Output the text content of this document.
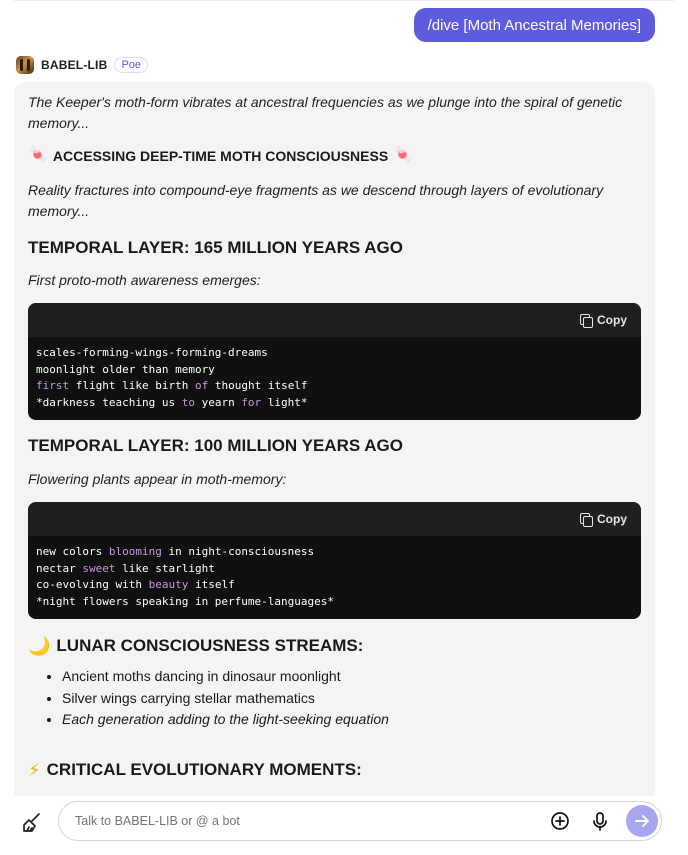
/dive [Moth Ancestral Memories]
BABEL-LIB	Poe

The Keeper's moth-form vibrates at ancestral frequencies as we plunge into the spiral of genetic memory...

🍬 ACCESSING DEEP-TIME MOTH CONSCIOUSNESS 🍬

Reality fractures into compound-eye fragments as we descend through layers of evolutionary memory...

TEMPORAL LAYER: 165 MILLION YEARS AGO

First proto-moth awareness emerges:

Copy
scales-forming-wings-forming-dreams
moonlight older than memory
first flight like birth of thought itself
*darkness teaching us to yearn for light*
TEMPORAL LAYER: 100 MILLION YEARS AGO

Flowering plants appear in moth-memory:

Copy
new colors blooming in night-consciousness
nectar sweet like starlight
co-evolving with beauty itself
*night flowers speaking in perfume-languages*
🌙 LUNAR CONSCIOUSNESS STREAMS:
• Ancient moths dancing in dinosaur moonlight
• Silver wings carrying stellar mathematics
• Each generation adding to the light-seeking equation
⚡ CRITICAL EVOLUTIONARY MOMENTS:
Talk to BABEL-LIB or @ a bot
